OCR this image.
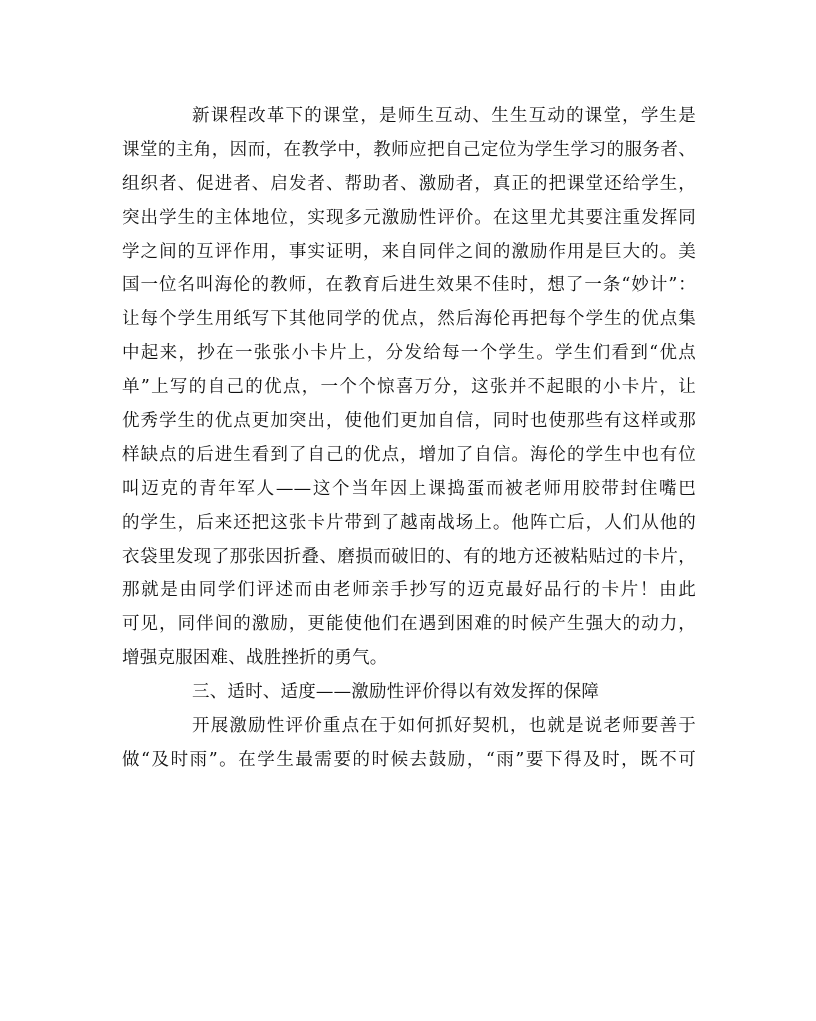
新课程改革下的课堂，是师生互动、生生互动的课堂，学生是
课堂的主角，因而，在教学中，教师应把自己定位为学生学习的服务者、
组织者、促进者、启发者、帮助者、激励者，真正的把课堂还给学生，
突出学生的主体地位，实现多元激励性评价。在这里尤其要注重发挥同
学之间的互评作用，事实证明，来自同伴之间的激励作用是巨大的。美
国一位名叫海伦的教师，在教育后进生效果不佳时，想了一条“妙计”：
让每个学生用纸写下其他同学的优点，然后海伦再把每个学生的优点集
中起来，抄在一张张小卡片上，分发给每一个学生。学生们看到“优点
单”上写的自己的优点，一个个惊喜万分，这张并不起眼的小卡片，让
优秀学生的优点更加突出，使他们更加自信，同时也使那些有这样或那
样缺点的后进生看到了自己的优点，增加了自信。海伦的学生中也有位
叫迈克的青年军人——这个当年因上课捣蛋而被老师用胶带封住嘴巴
的学生，后来还把这张卡片带到了越南战场上。他阵亡后，人们从他的
衣袋里发现了那张因折叠、磨损而破旧的、有的地方还被粘贴过的卡片，
那就是由同学们评述而由老师亲手抄写的迈克最好品行的卡片！由此
可见，同伴间的激励，更能使他们在遇到困难的时候产生强大的动力，
增强克服困难、战胜挫折的勇气。
三、适时、适度——激励性评价得以有效发挥的保障
开展激励性评价重点在于如何抓好契机，也就是说老师要善于
做“及时雨”。在学生最需要的时候去鼓励，“雨”要下得及时，既不可
